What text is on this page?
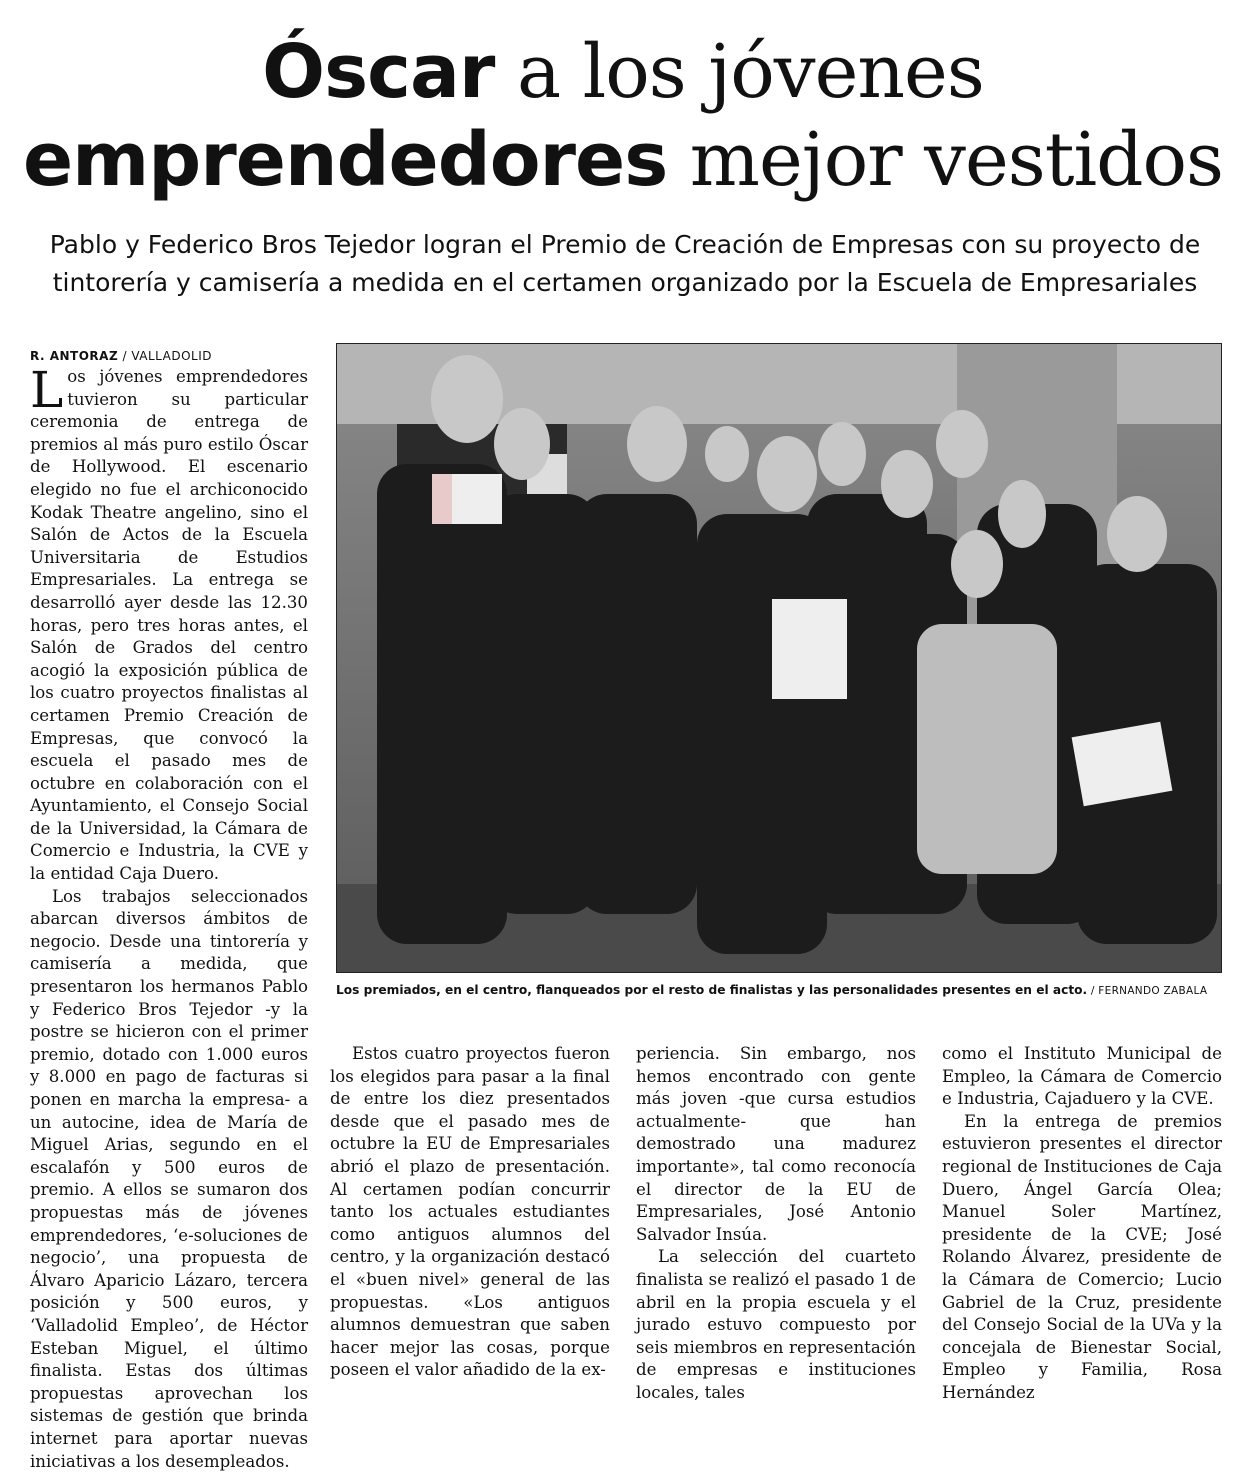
Óscar a los jóvenes
emprendedores mejor vestidos
Pablo y Federico Bros Tejedor logran el Premio de Creación de Empresas con su proyecto de tintorería y camisería a medida en el certamen organizado por la Escuela de Empresariales
R. ANTORAZ / VALLADOLID

Los jóvenes emprendedores tuvieron su particular ceremonia de entrega de premios al más puro estilo Óscar de Hollywood. El escenario elegido no fue el archiconocido Kodak Theatre angelino, sino el Salón de Actos de la Escuela Universitaria de Estudios Empresariales. La entrega se desarrolló ayer desde las 12.30 horas, pero tres horas antes, el Salón de Grados del centro acogió la exposición pública de los cuatro proyectos finalistas al certamen Premio Creación de Empresas, que convocó la escuela el pasado mes de octubre en colaboración con el Ayuntamiento, el Consejo Social de la Universidad, la Cámara de Comercio e Industria, la CVE y la entidad Caja Duero.

Los trabajos seleccionados abarcan diversos ámbitos de negocio. Desde una tintorería y camisería a medida, que presentaron los hermanos Pablo y Federico Bros Tejedor -y la postre se hicieron con el primer premio, dotado con 1.000 euros y 8.000 en pago de facturas si ponen en marcha la empresa- a un autocine, idea de María de Miguel Arias, segundo en el escalafón y 500 euros de premio. A ellos se sumaron dos propuestas más de jóvenes emprendedores, ‘e-soluciones de negocio’, una propuesta de Álvaro Aparicio Lázaro, tercera posición y 500 euros, y ‘Valladolid Empleo’, de Héctor Esteban Miguel, el último finalista. Estas dos últimas propuestas aprovechan los sistemas de gestión que brinda internet para aportar nuevas iniciativas a los desempleados.

Los premiados, en el centro, flanqueados por el resto de finalistas y las personalidades presentes en el acto. / FERNANDO ZABALA

Estos cuatro proyectos fueron los elegidos para pasar a la final de entre los diez presentados desde que el pasado mes de octubre la EU de Empresariales abrió el plazo de presentación. Al certamen podían concurrir tanto los actuales estudiantes como antiguos alumnos del centro, y la organización destacó el «buen nivel» general de las propuestas. «Los antiguos alumnos demuestran que saben hacer mejor las cosas, porque poseen el valor añadido de la ex-

periencia. Sin embargo, nos hemos encontrado con gente más joven -que cursa estudios actualmente- que han demostrado una madurez importante», tal como reconocía el director de la EU de Empresariales, José Antonio Salvador Insúa.

La selección del cuarteto finalista se realizó el pasado 1 de abril en la propia escuela y el jurado estuvo compuesto por seis miembros en representación de empresas e instituciones locales, tales

como el Instituto Municipal de Empleo, la Cámara de Comercio e Industria, Cajaduero y la CVE.

En la entrega de premios estuvieron presentes el director regional de Instituciones de Caja Duero, Ángel García Olea; Manuel Soler Martínez, presidente de la CVE; José Rolando Álvarez, presidente de la Cámara de Comercio; Lucio Gabriel de la Cruz, presidente del Consejo Social de la UVa y la concejala de Bienestar Social, Empleo y Familia, Rosa Hernández
